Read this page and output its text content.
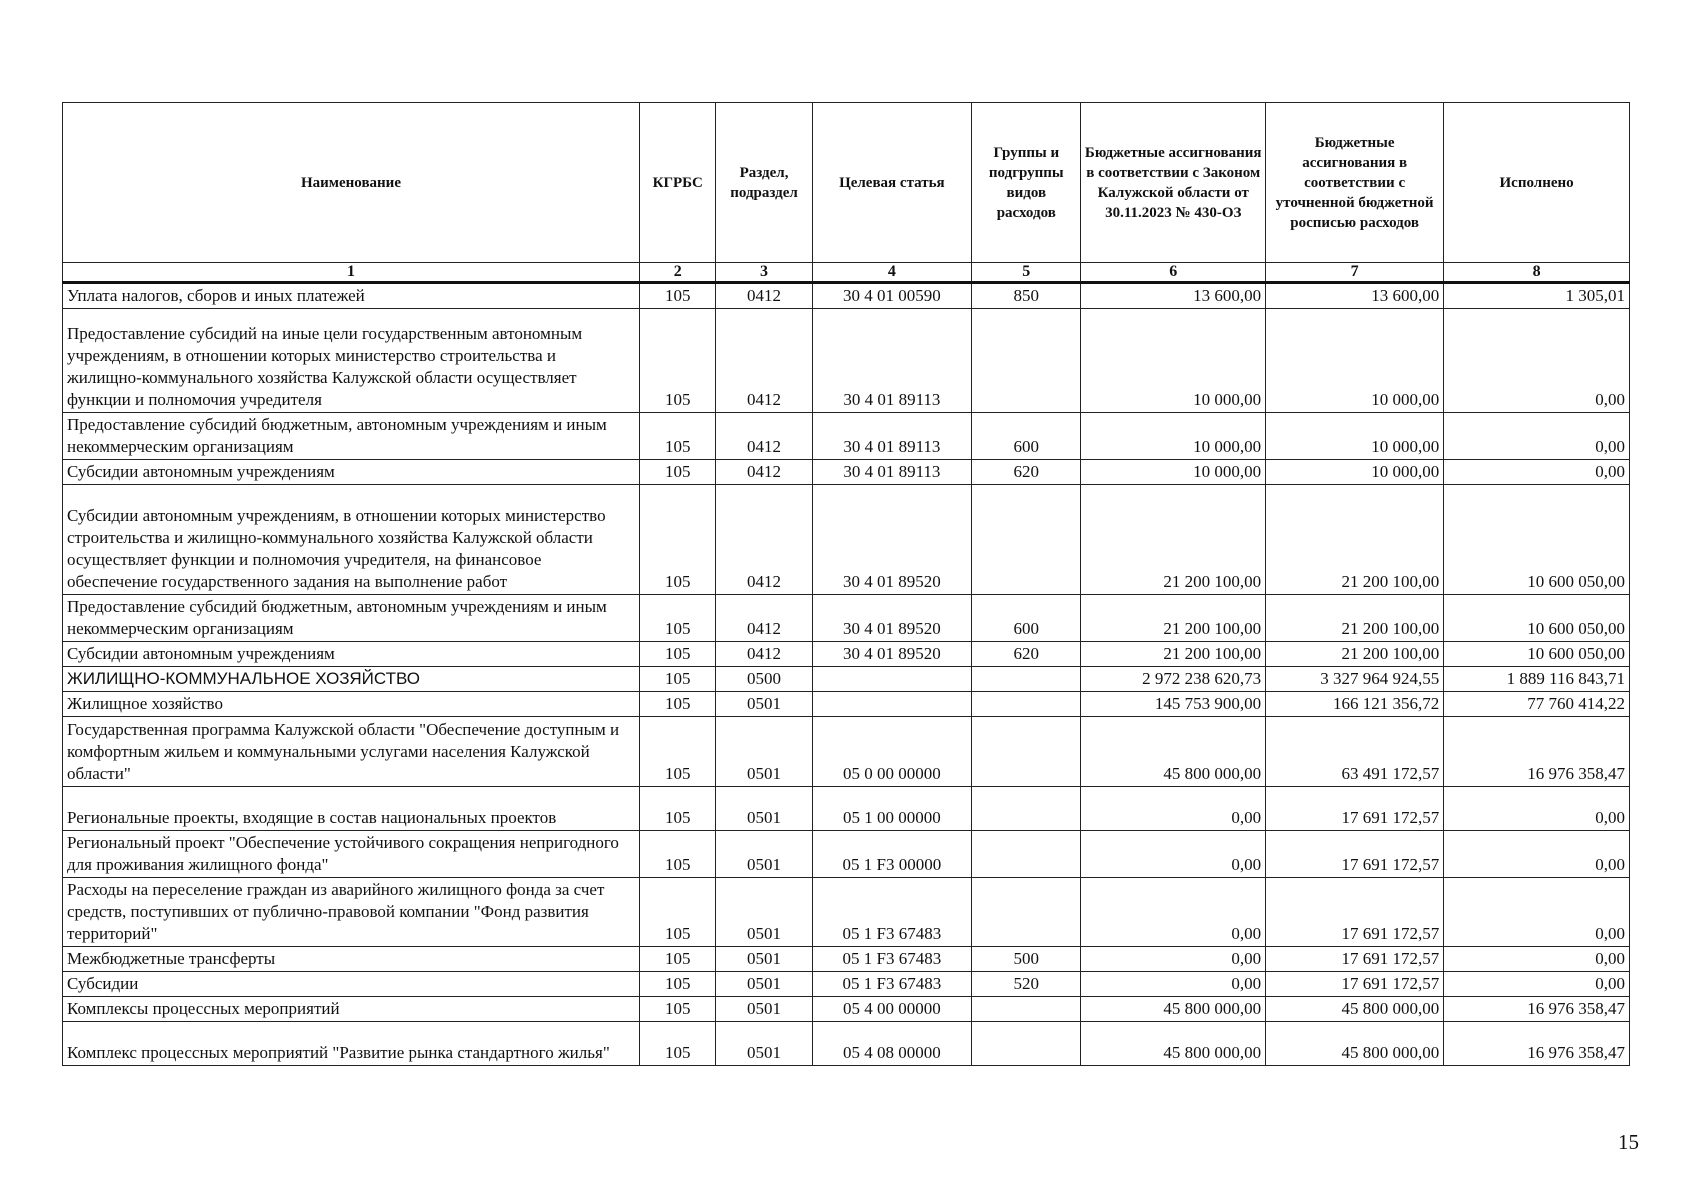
Наименование	КГРБС	Раздел, подраздел	Целевая статья	Группы и подгруппы видов расходов	Бюджетные ассигнования в соответствии с Законом Калужской области от 30.11.2023 № 430-ОЗ	Бюджетные ассигнования в соответствии с уточненной бюджетной росписью расходов	Исполнено
1	2	3	4	5	6	7	8
Уплата налогов, сборов и иных платежей	105	0412	30 4 01 00590	850	13 600,00	13 600,00	1 305,01
Предоставление субсидий на иные цели государственным автономным учреждениям, в отношении которых министерство строительства и жилищно-коммунального хозяйства Калужской области осуществляет функции и полномочия учредителя	105	0412	30 4 01 89113		10 000,00	10 000,00	0,00
Предоставление субсидий бюджетным, автономным учреждениям и иным некоммерческим организациям	105	0412	30 4 01 89113	600	10 000,00	10 000,00	0,00
Субсидии автономным учреждениям	105	0412	30 4 01 89113	620	10 000,00	10 000,00	0,00
Субсидии автономным учреждениям, в отношении которых министерство строительства и жилищно-коммунального хозяйства Калужской области осуществляет функции и полномочия учредителя, на финансовое обеспечение государственного задания на выполнение работ	105	0412	30 4 01 89520		21 200 100,00	21 200 100,00	10 600 050,00
Предоставление субсидий бюджетным, автономным учреждениям и иным некоммерческим организациям	105	0412	30 4 01 89520	600	21 200 100,00	21 200 100,00	10 600 050,00
Субсидии автономным учреждениям	105	0412	30 4 01 89520	620	21 200 100,00	21 200 100,00	10 600 050,00
ЖИЛИЩНО-КОММУНАЛЬНОЕ ХОЗЯЙСТВО	105	0500			2 972 238 620,73	3 327 964 924,55	1 889 116 843,71
Жилищное хозяйство	105	0501			145 753 900,00	166 121 356,72	77 760 414,22
Государственная программа Калужской области "Обеспечение доступным и комфортным жильем и коммунальными услугами населения Калужской области"	105	0501	05 0 00 00000		45 800 000,00	63 491 172,57	16 976 358,47
Региональные проекты, входящие в состав национальных проектов	105	0501	05 1 00 00000		0,00	17 691 172,57	0,00
Региональный проект "Обеспечение устойчивого сокращения непригодного для проживания жилищного фонда"	105	0501	05 1 F3 00000		0,00	17 691 172,57	0,00
Расходы на переселение граждан из аварийного жилищного фонда за счет средств, поступивших от публично-правовой компании "Фонд развития территорий"	105	0501	05 1 F3 67483		0,00	17 691 172,57	0,00
Межбюджетные трансферты	105	0501	05 1 F3 67483	500	0,00	17 691 172,57	0,00
Субсидии	105	0501	05 1 F3 67483	520	0,00	17 691 172,57	0,00
Комплексы процессных мероприятий	105	0501	05 4 00 00000		45 800 000,00	45 800 000,00	16 976 358,47
Комплекс процессных мероприятий "Развитие рынка стандартного жилья"	105	0501	05 4 08 00000		45 800 000,00	45 800 000,00	16 976 358,47
15
